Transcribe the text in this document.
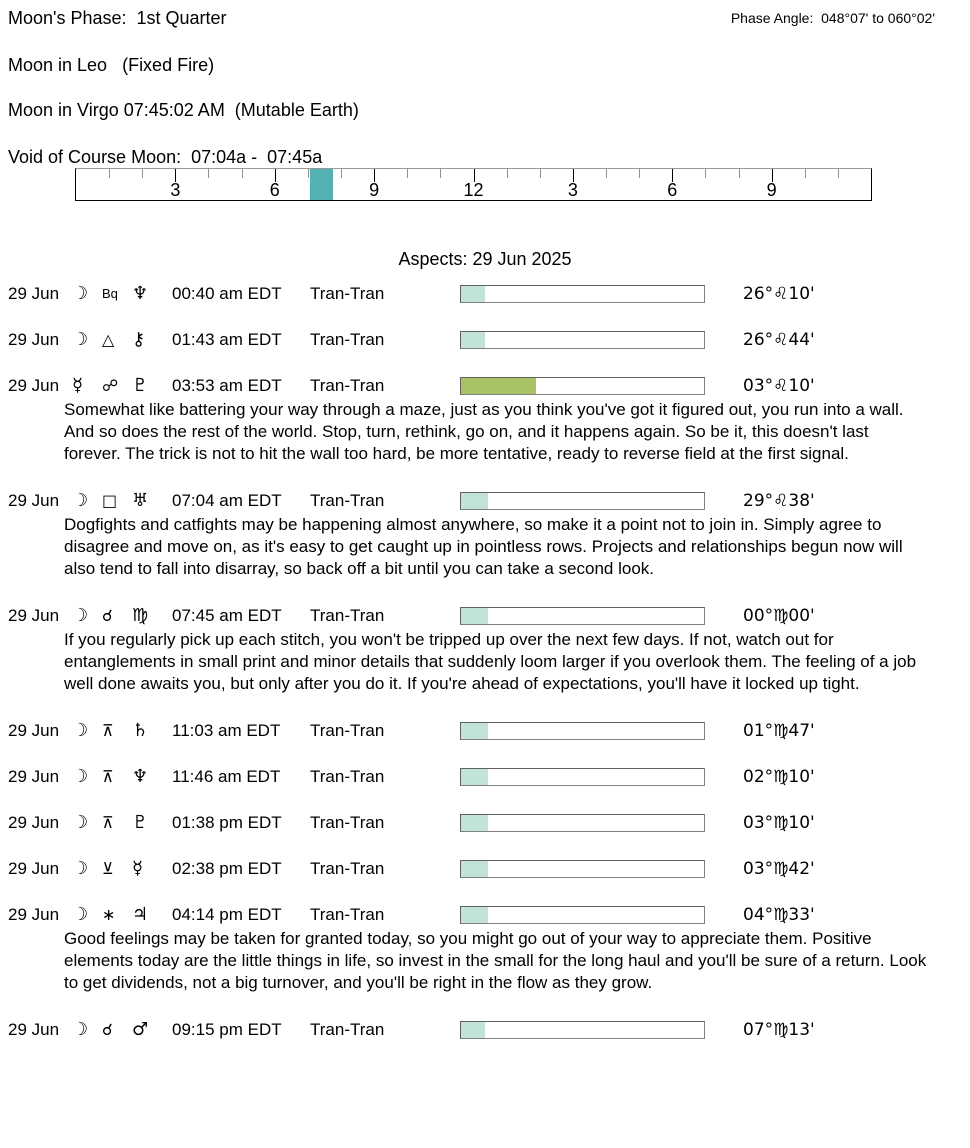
Moon's Phase:  1st Quarter	Phase Angle:  048°07' to 060°02'
Moon in Leo   (Fixed Fire)
Moon in Virgo 07:45:02 AM  (Mutable Earth)
Void of Course Moon:  07:04a -  07:45a
3	6	9	12	3	6	9
Aspects: 29 Jun 2025
29 Jun ☽	Bq ♆	00:40 am EDT	Tran-Tran	26°♌10'
29 Jun ☽ △ ⚷	01:43 am EDT	Tran-Tran	26°♌44'
29 Jun ☿	☍ ♇	03:53 am EDT	Tran-Tran	03°♌10'
Somewhat like battering your way through a maze, just as you think you've got it figured out, you run into a wall. And so does the rest of the world. Stop, turn, rethink, go on, and it happens again. So be it, this doesn't last forever. The trick is not to hit the wall too hard, be more tentative, ready to reverse field at the first signal.
29 Jun ☽ □ ♅	07:04 am EDT	Tran-Tran	29°♌38'
Dogfights and catfights may be happening almost anywhere, so make it a point not to join in. Simply agree to disagree and move on, as it's easy to get caught up in pointless rows. Projects and relationships begun now will also tend to fall into disarray, so back off a bit until you can take a second look.
29 Jun ☽ ☌	♍	07:45 am EDT	Tran-Tran	00°♍00'
If you regularly pick up each stitch, you won't be tripped up over the next few days. If not, watch out for entanglements in small print and minor details that suddenly loom larger if you overlook them. The feeling of a job well done awaits you, but only after you do it. If you're ahead of expectations, you'll have it locked up tight.
29 Jun ☽ ⊼	♄	11:03 am EDT	Tran-Tran	01°♍47'
29 Jun ☽ ⊼	♆	11:46 am EDT	Tran-Tran	02°♍10'
29 Jun ☽ ⊼	♇	01:38 pm EDT	Tran-Tran	03°♍10'
29 Jun ☽ ⊻	☿	02:38 pm EDT	Tran-Tran	03°♍42'
29 Jun ☽ ∗ ♃	04:14 pm EDT	Tran-Tran	04°♍33'
Good feelings may be taken for granted today, so you might go out of your way to appreciate them. Positive elements today are the little things in life, so invest in the small for the long haul and you'll be sure of a return. Look to get dividends, not a big turnover, and you'll be right in the flow as they grow.
29 Jun ☽ ☌	♂	09:15 pm EDT	Tran-Tran	07°♍13'
